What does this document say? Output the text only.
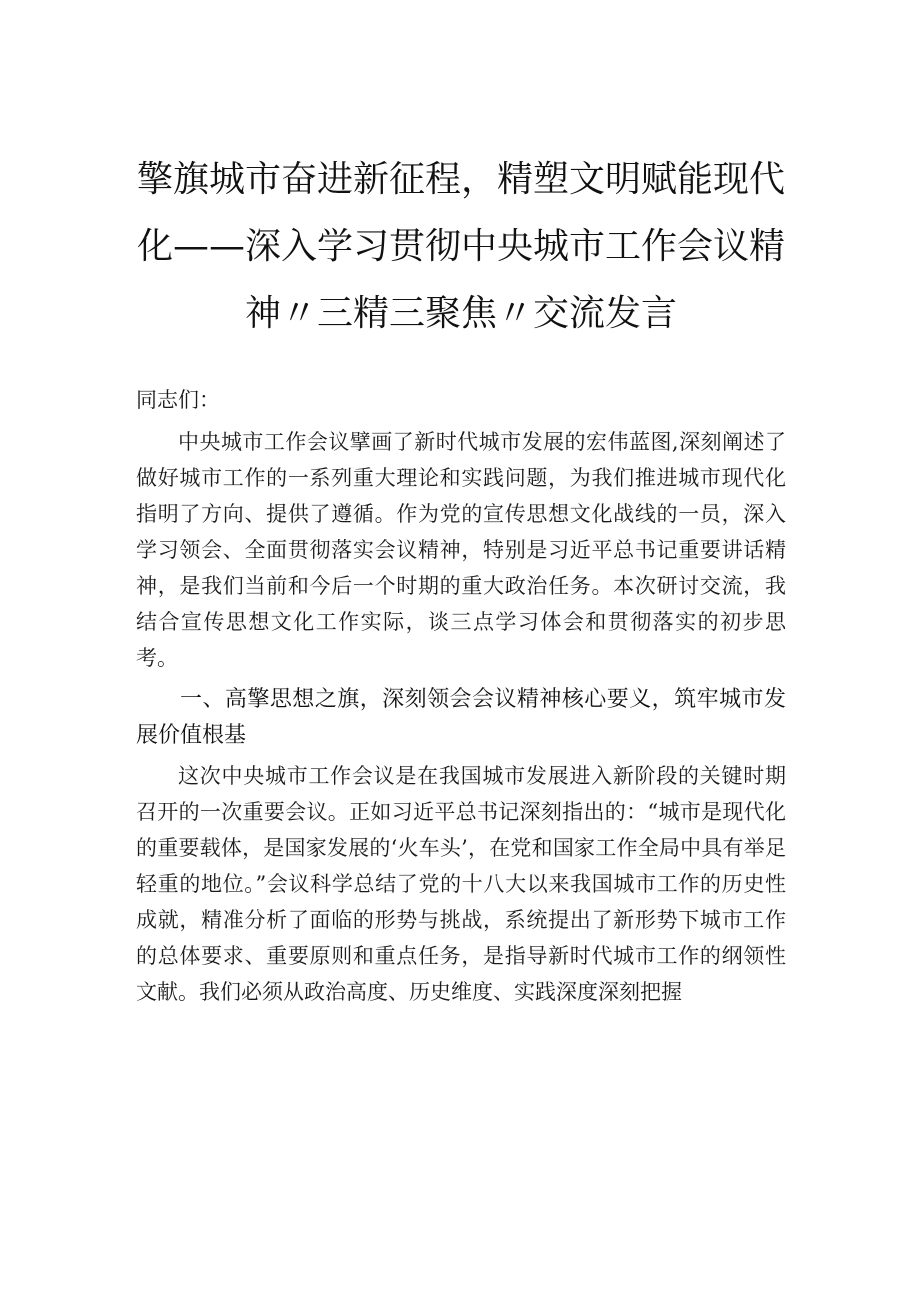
擎旗城市奋进新征程，精塑文明赋能现代化——深入学习贯彻中央城市工作会议精神〃三精三聚焦〃交流发言

同志们：

中央城市工作会议擘画了新时代城市发展的宏伟蓝图,深刻阐述了做好城市工作的一系列重大理论和实践问题，为我们推进城市现代化指明了方向、提供了遵循。作为党的宣传思想文化战线的一员，深入学习领会、全面贯彻落实会议精神，特别是习近平总书记重要讲话精神，是我们当前和今后一个时期的重大政治任务。本次研讨交流，我结合宣传思想文化工作实际，谈三点学习体会和贯彻落实的初步思考。

一、高擎思想之旗，深刻领会会议精神核心要义，筑牢城市发展价值根基

这次中央城市工作会议是在我国城市发展进入新阶段的关键时期召开的一次重要会议。正如习近平总书记深刻指出的：“城市是现代化的重要载体，是国家发展的‘火车头’，在党和国家工作全局中具有举足轻重的地位。”会议科学总结了党的十八大以来我国城市工作的历史性成就，精准分析了面临的形势与挑战，系统提出了新形势下城市工作的总体要求、重要原则和重点任务，是指导新时代城市工作的纲领性文献。我们必须从政治高度、历史维度、实践深度深刻把握
